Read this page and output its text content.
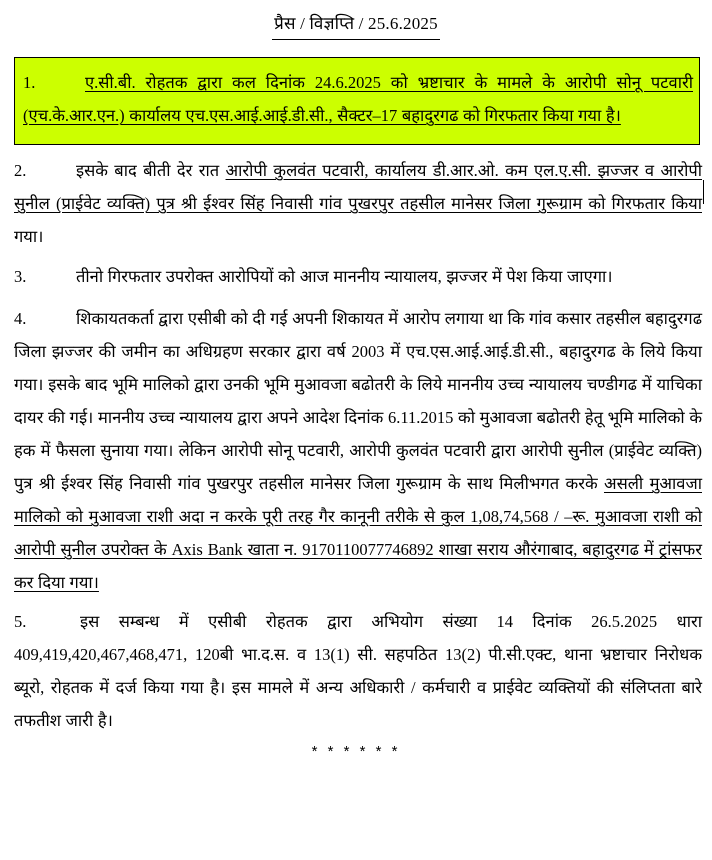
प्रैस / विज्ञप्ति / 25.6.2025
1.	ए.सी.बी. रोहतक द्वारा कल दिनांक 24.6.2025 को भ्रष्टाचार के मामले के आरोपी सोनू पटवारी (एच.के.आर.एन.) कार्यालय एच.एस.आई.आई.डी.सी., सैक्टर–17 बहादुरगढ को गिरफतार किया गया है।
2.	इसके बाद बीती देर रात आरोपी कुलवंत पटवारी, कार्यालय डी.आर.ओ. कम एल.ए.सी. झज्जर व आरोपी सुनील (प्राईवेट व्यक्ति) पुत्र श्री ईश्वर सिंह निवासी गांव पुखरपुर तहसील मानेसर जिला गुरूग्राम को गिरफतार किया गया।
3.	तीनो गिरफतार उपरोक्त आरोपियों को आज माननीय न्यायालय, झज्जर में पेश किया जाएगा।
4.	शिकायतकर्ता द्वारा एसीबी को दी गई अपनी शिकायत में आरोप लगाया था कि गांव कसार तहसील बहादुरगढ जिला झज्जर की जमीन का अधिग्रहण सरकार द्वारा वर्ष 2003 में एच.एस.आई.आई.डी.सी., बहादुरगढ के लिये किया गया। इसके बाद भूमि मालिको द्वारा उनकी भूमि मुआवजा बढोतरी के लिये माननीय उच्च न्यायालय चण्डीगढ में याचिका दायर की गई। माननीय उच्च न्यायालय द्वारा अपने आदेश दिनांक 6.11.2015 को मुआवजा बढोतरी हेतू भूमि मालिको के हक में फैसला सुनाया गया। लेकिन आरोपी सोनू पटवारी, आरोपी कुलवंत पटवारी द्वारा आरोपी सुनील (प्राईवेट व्यक्ति) पुत्र श्री ईश्वर सिंह निवासी गांव पुखरपुर तहसील मानेसर जिला गुरूग्राम के साथ मिलीभगत करके असली मुआवजा मालिको को मुआवजा राशी अदा न करके पूरी तरह गैर कानूनी तरीके से कुल 1,08,74,568 / –रू. मुआवजा राशी को आरोपी सुनील उपरोक्त के Axis Bank खाता न. 9170110077746892 शाखा सराय औरंगाबाद, बहादुरगढ में ट्रांसफर कर दिया गया।
5.	इस सम्बन्ध में एसीबी रोहतक द्वारा अभियोग संख्या 14 दिनांक 26.5.2025 धारा 409,419,420,467,468,471, 120बी भा.द.स. व 13(1) सी. सहपठित 13(2) पी.सी.एक्ट, थाना भ्रष्टाचार निरोधक ब्यूरो, रोहतक में दर्ज किया गया है। इस मामले में अन्य अधिकारी / कर्मचारी व प्राईवेट व्यक्तियों की संलिप्तता बारे तफतीश जारी है।
* * * * * *
